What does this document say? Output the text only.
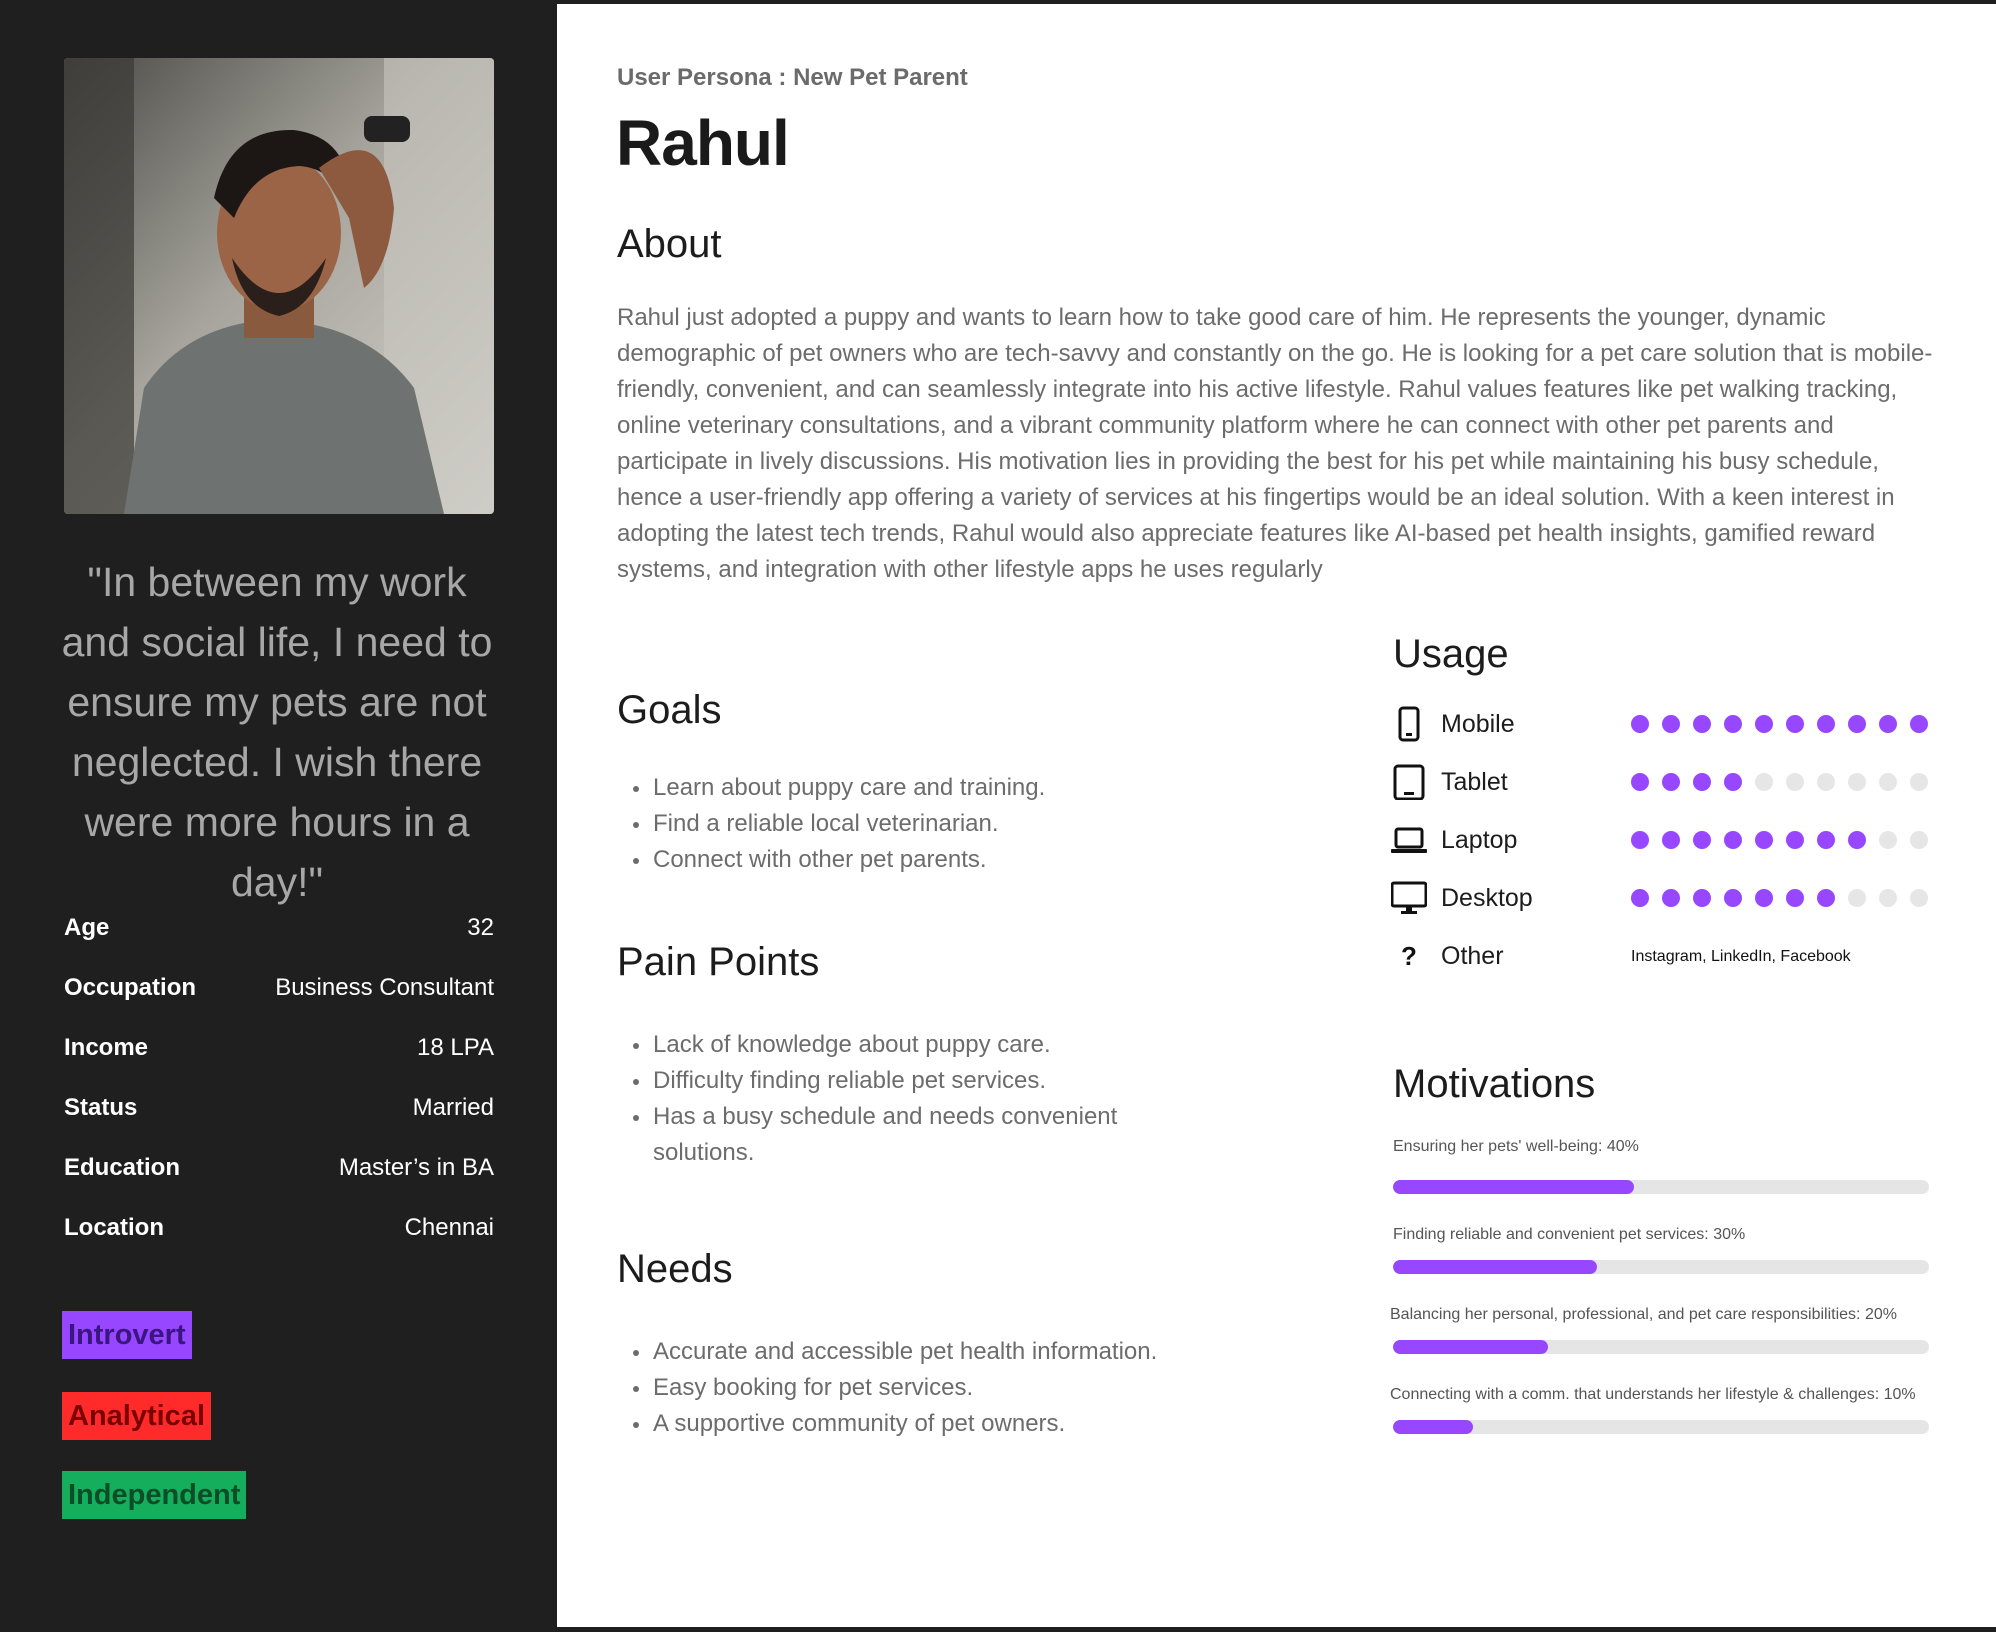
"In between my work and social life, I need to ensure my pets are not neglected. I wish there were more hours in a day!"
Age	32
Occupation	Business Consultant
Income	18 LPA
Status	Married
Education	Master’s in BA
Location	Chennai
Introvert
Analytical
Independent
User Persona : New Pet Parent
Rahul
About
Rahul just adopted a puppy and wants to learn how to take good care of him. He represents the younger, dynamic demographic of pet owners who are tech-savvy and constantly on the go. He is looking for a pet care solution that is mobile-friendly, convenient, and can seamlessly integrate into his active lifestyle. Rahul values features like pet walking tracking, online veterinary consultations, and a vibrant community platform where he can connect with other pet parents and participate in lively discussions. His motivation lies in providing the best for his pet while maintaining his busy schedule, hence a user-friendly app offering a variety of services at his fingertips would be an ideal solution. With a keen interest in adopting the latest tech trends, Rahul would also appreciate features like AI-based pet health insights, gamified reward systems, and integration with other lifestyle apps he uses regularly
Goals
Learn about puppy care and training.
Find a reliable local veterinarian.
Connect with other pet parents.
Pain Points
Lack of knowledge about puppy care.
Difficulty finding reliable pet services.
Has a busy schedule and needs convenient solutions.
Needs
Accurate and accessible pet health information.
Easy booking for pet services.
A supportive community of pet owners.
Usage
Mobile
Tablet
Laptop
Desktop
? Other	Instagram, LinkedIn, Facebook
Motivations
Ensuring her pets' well-being: 40%
Finding reliable and convenient pet services: 30%
Balancing her personal, professional, and pet care responsibilities: 20%
Connecting with a comm. that understands her lifestyle & challenges: 10%
